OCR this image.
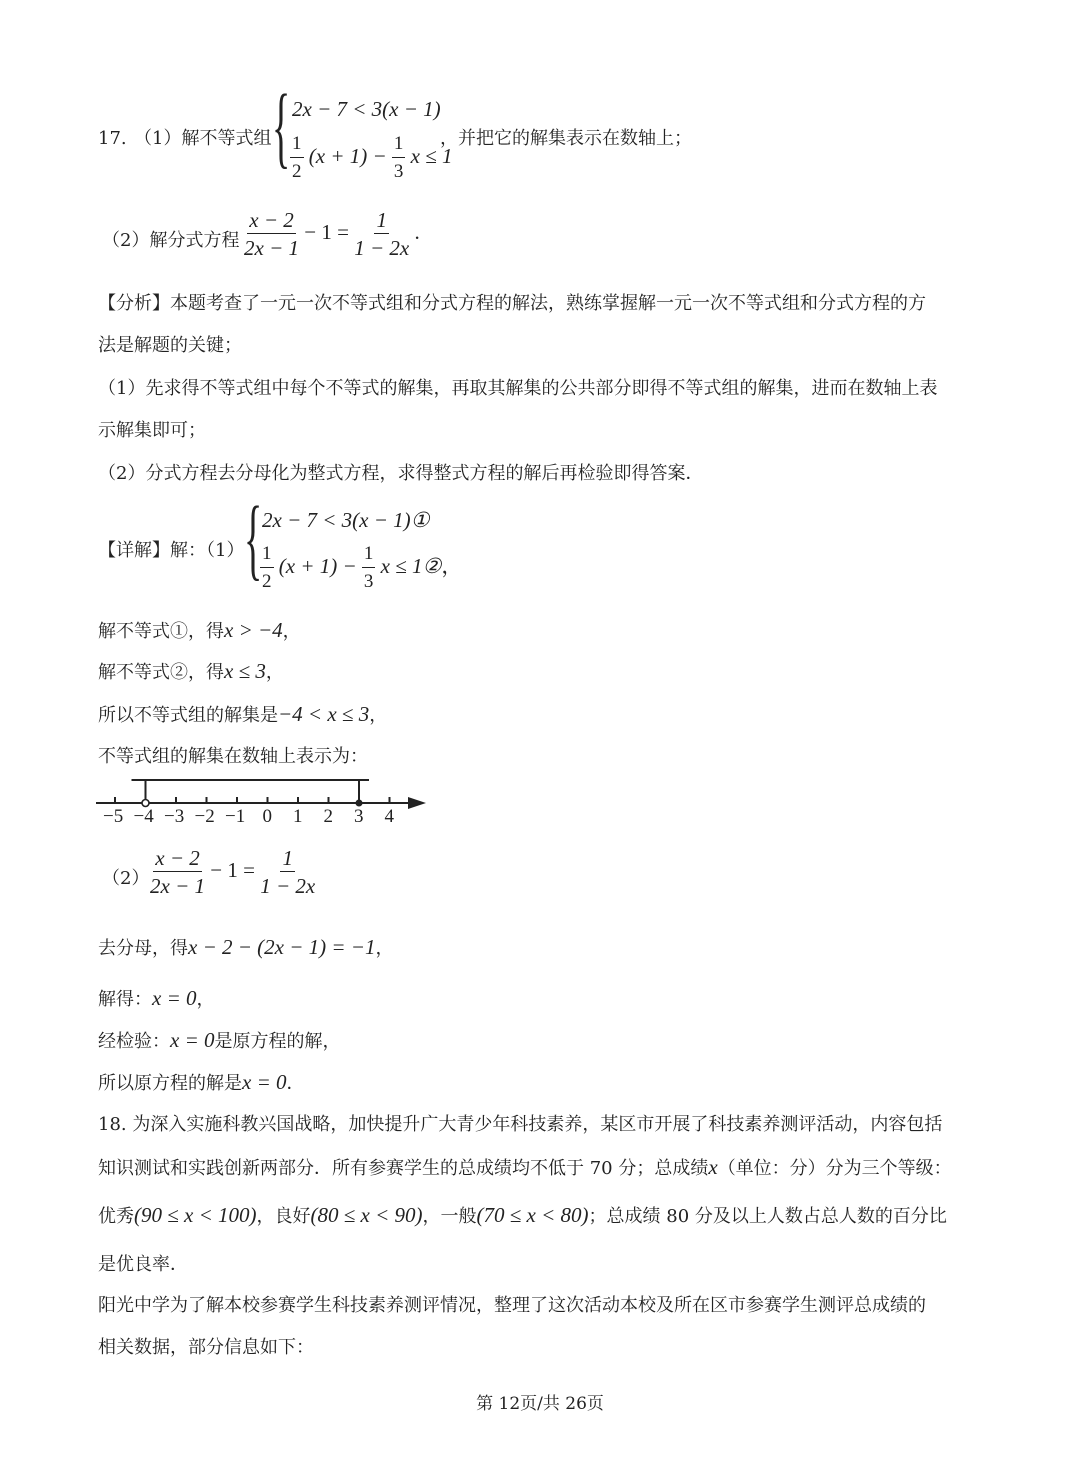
17. （1）解不等式组 { 2x − 7 < 3(x − 1)
$\frac{1}{2} (x + 1) - \frac{1}{3}$ x ≤ 1
，并把它的解集表示在数轴上；
（2）解分式方程 $\frac{x - 2}{2x - 1} - 1 = \frac{1}{1 - 2x}$ .
【分析】本题考查了一元一次不等式组和分式方程的解法，熟练掌握解一元一次不等式组和分式方程的方
法是解题的关键；
（1）先求得不等式组中每个不等式的解集，再取其解集的公共部分即得不等式组的解集，进而在数轴上表
示解集即可；
（2）分式方程去分母化为整式方程，求得整式方程的解后再检验即得答案．
【详解】解：（1） { 2x − 7 < 3(x − 1)①
$\frac{1}{2} (x + 1) - \frac{1}{3}$ x ≤ 1②，
解不等式①，得x > −4，
解不等式②，得x ≤ 3，
所以不等式组的解集是−4 < x ≤ 3，
不等式组的解集在数轴上表示为：
−5 −4 −3 −2 −1 0 1 2 3 4
$(2) \frac{x - 2}{2x - 1} - 1 = \frac{1}{1 - 2x}$
去分母，得x − 2 − (2x − 1) = −1，
解得：x = 0，
经检验：x = 0是原方程的解，
所以原方程的解是x = 0．
18. 为深入实施科教兴国战略，加快提升广大青少年科技素养，某区市开展了科技素养测评活动，内容包括
知识测试和实践创新两部分．所有参赛学生的总成绩均不低于 70 分；总成绩x（单位：分）分为三个等级：
优秀(90 ≤ x < 100)，良好(80 ≤ x < 90)，一般(70 ≤ x < 80)；总成绩 80 分及以上人数占总人数的百分比
是优良率．
阳光中学为了解本校参赛学生科技素养测评情况，整理了这次活动本校及所在区市参赛学生测评总成绩的
相关数据，部分信息如下：
第 12页/共 26页
